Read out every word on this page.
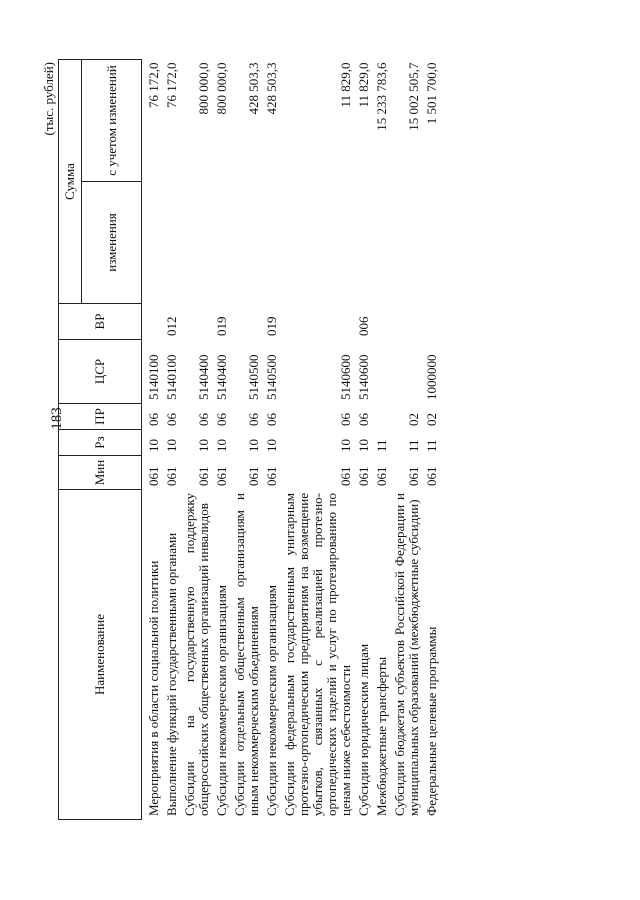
183
(тыс. рублей)
Наименование	Мин	Рз	ПР	ЦСР	ВР	Сумма	
						изменения	с учетом изменений
Мероприятия в области социальной политики	061	10	06	5140100			76 172,0
Выполнение функций государственными органами	061	10	06	5140100	012		76 172,0
Субсидии на государственную поддержку общероссийских общественных организаций инвалидов	061	10	06	5140400			800 000,0
Субсидии некоммерческим организациям	061	10	06	5140400	019		800 000,0
Субсидии отдельным общественным организациям и иным некоммерческим объединениям	061	10	06	5140500			428 503,3
Субсидии некоммерческим организациям	061	10	06	5140500	019		428 503,3
Субсидии федеральным государственным унитарным протезно-ортопедическим предприятиям на возмещение убытков, связанных с реализацией протезно-ортопедических изделий и услуг по протезированию по ценам ниже себестоимости	061	10	06	5140600			11 829,0
Субсидии юридическим лицам	061	10	06	5140600	006		11 829,0
Межбюджетные трансферты	061	11					15 233 783,6
Субсидии бюджетам субъектов Российской Федерации и муниципальных образований (межбюджетные субсидии)	061	11	02				15 002 505,7
Федеральные целевые программы	061	11	02	1000000			1 501 700,0
